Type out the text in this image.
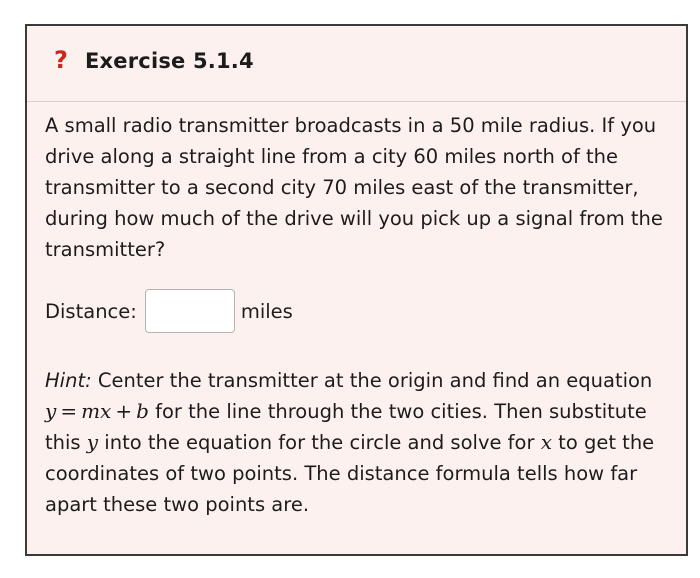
? Exercise 5.1.4

A small radio transmitter broadcasts in a 50 mile radius. If you drive along a straight line from a city 60 miles north of the transmitter to a second city 70 miles east of the transmitter, during how much of the drive will you pick up a signal from the transmitter?

Distance:	miles

Hint: Center the transmitter at the origin and find an equation y = mx + b for the line through the two cities. Then substitute this y into the equation for the circle and solve for x to get the coordinates of two points. The distance formula tells how far apart these two points are.
